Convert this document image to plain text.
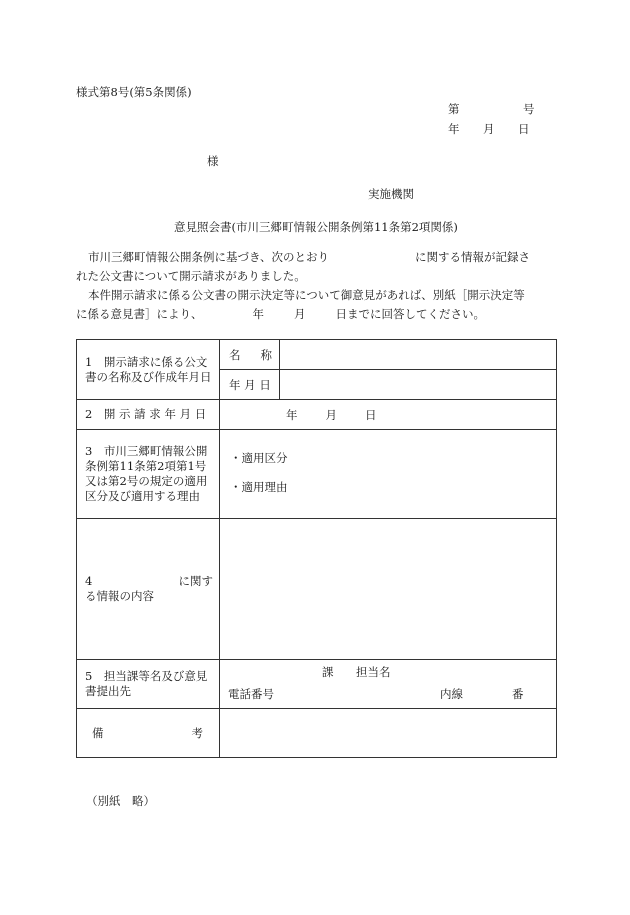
様式第8号(第5条関係)
第	号
年 月 日
様
実施機関
意見照会書(市川三郷町情報公開条例第11条第2項関係)

市川三郷町情報公開条例に基づき、次のとおり	に関する情報が記録さ

れた公文書について開示請求がありました。

本件開示請求に係る公文書の開示決定等について御意見があれば、別紙［開示決定等

に係る意見書］により、	年	月	日までに回答してください。

1　開示請求に係る公文書の名称及び作成年月日	名 称	
	年 月 日	
2　開 示 請 求 年 月 日	年 月 日	
3　市川三郷町情報公開条例第11条第2項第1号又は第2号の規定の適用区分及び適用する理由	・適用区分
・適用理由	

4 に関す
る情報の内容		

5　担当課等名及び意見書提出先	課 担当名
電話番号 内線 番	

備 考		

（別紙　略）
